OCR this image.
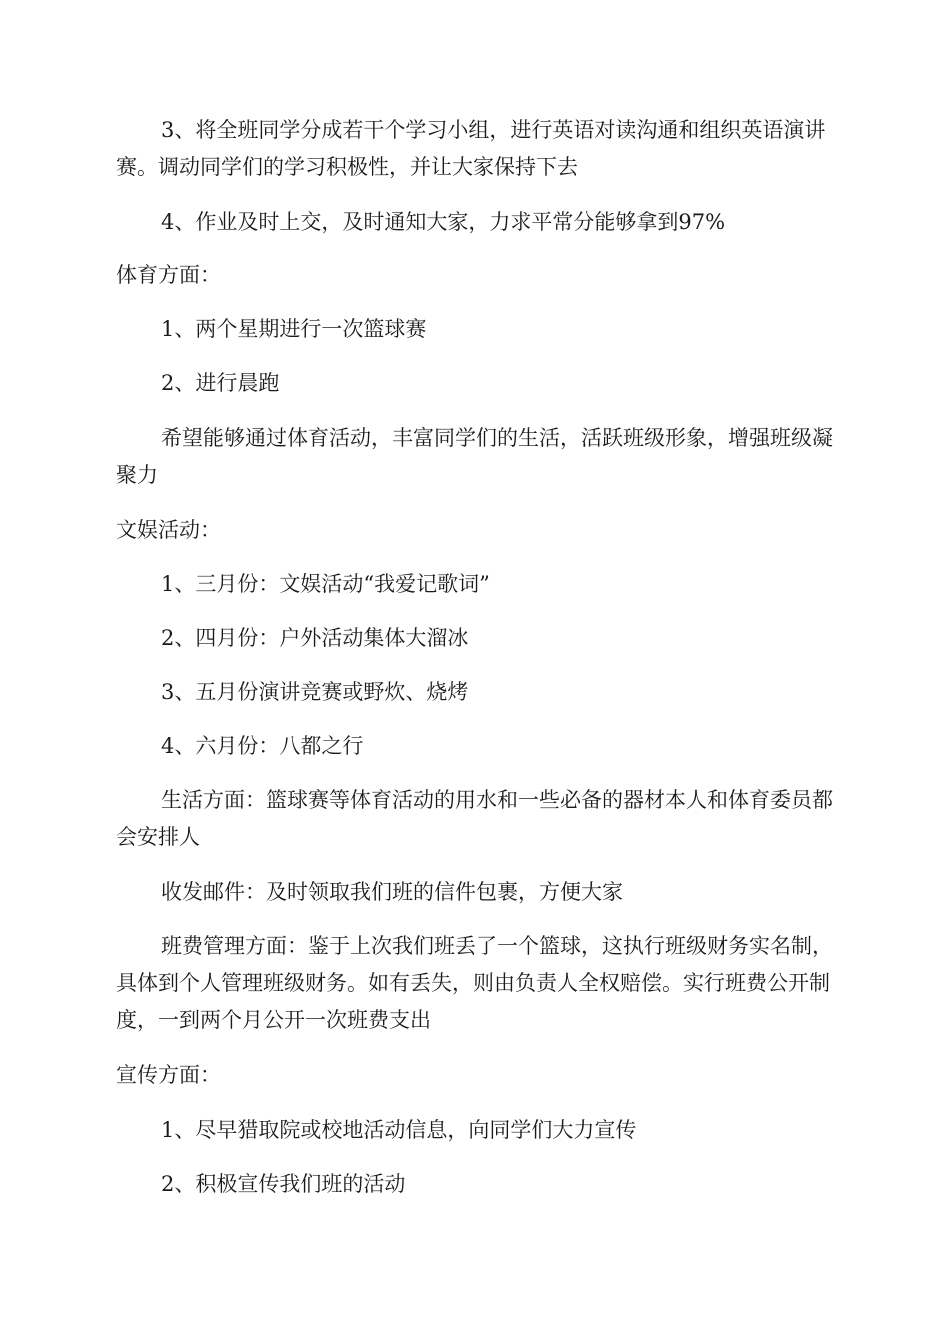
3、将全班同学分成若干个学习小组，进行英语对读沟通和组织英语演讲赛。调动同学们的学习积极性，并让大家保持下去

4、作业及时上交，及时通知大家，力求平常分能够拿到97%

体育方面：

1、两个星期进行一次篮球赛

2、进行晨跑

希望能够通过体育活动，丰富同学们的生活，活跃班级形象，增强班级凝聚力

文娱活动：

1、三月份：文娱活动“我爱记歌词”

2、四月份：户外活动集体大溜冰

3、五月份演讲竞赛或野炊、烧烤

4、六月份：八都之行

生活方面：篮球赛等体育活动的用水和一些必备的器材本人和体育委员都会安排人

收发邮件：及时领取我们班的信件包裹，方便大家

班费管理方面：鉴于上次我们班丢了一个篮球，这执行班级财务实名制，具体到个人管理班级财务。如有丢失，则由负责人全权赔偿。实行班费公开制度，一到两个月公开一次班费支出

宣传方面：

1、尽早猎取院或校地活动信息，向同学们大力宣传

2、积极宣传我们班的活动
